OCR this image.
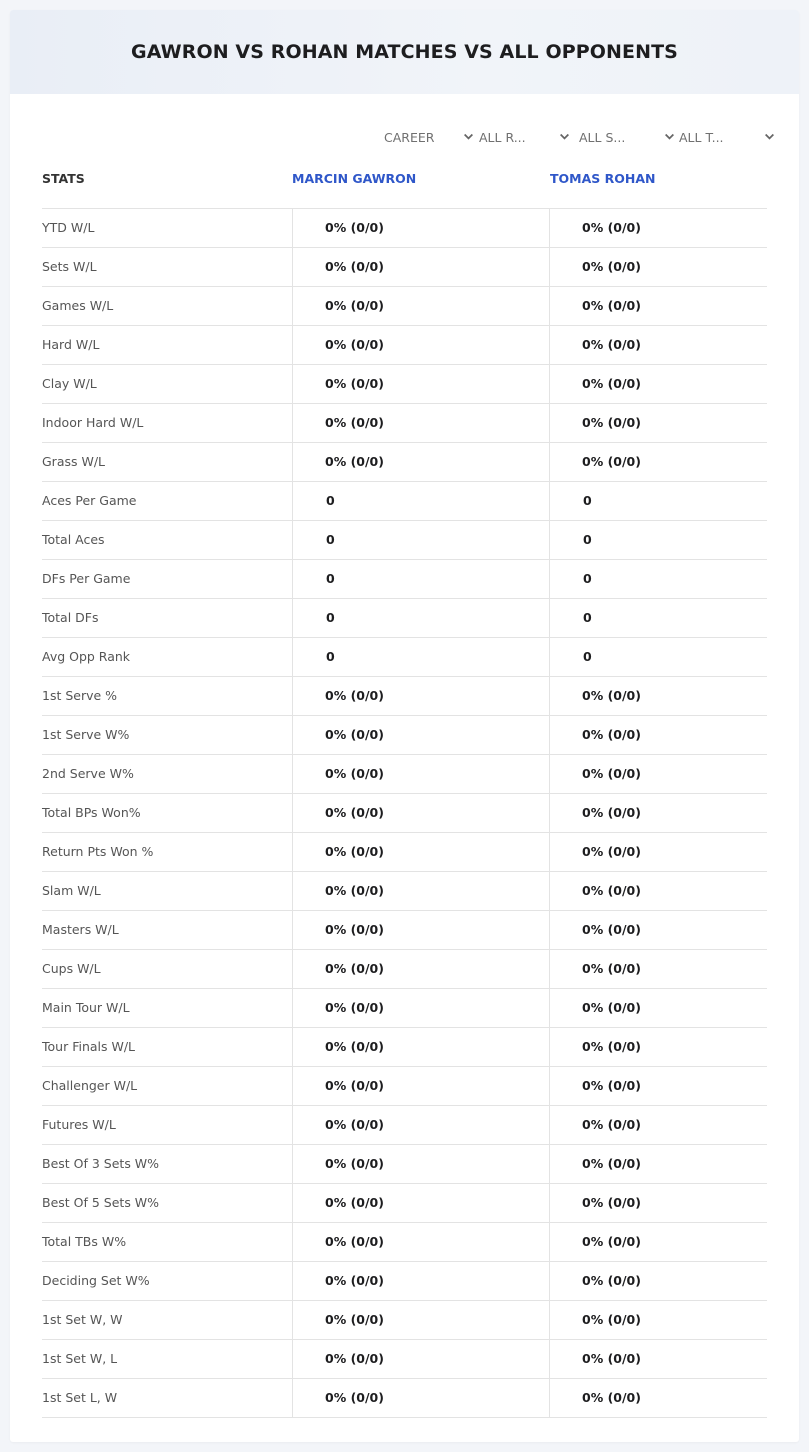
GAWRON VS ROHAN MATCHES VS ALL OPPONENTS
CAREER	ALL R...	ALL S...	ALL T...
STATS	MARCIN GAWRON	TOMAS ROHAN
YTD W/L	0% (0/0)	0% (0/0)
Sets W/L	0% (0/0)	0% (0/0)
Games W/L	0% (0/0)	0% (0/0)
Hard W/L	0% (0/0)	0% (0/0)
Clay W/L	0% (0/0)	0% (0/0)
Indoor Hard W/L	0% (0/0)	0% (0/0)
Grass W/L	0% (0/0)	0% (0/0)
Aces Per Game	0	0
Total Aces	0	0
DFs Per Game	0	0
Total DFs	0	0
Avg Opp Rank	0	0
1st Serve %	0% (0/0)	0% (0/0)
1st Serve W%	0% (0/0)	0% (0/0)
2nd Serve W%	0% (0/0)	0% (0/0)
Total BPs Won%	0% (0/0)	0% (0/0)
Return Pts Won %	0% (0/0)	0% (0/0)
Slam W/L	0% (0/0)	0% (0/0)
Masters W/L	0% (0/0)	0% (0/0)
Cups W/L	0% (0/0)	0% (0/0)
Main Tour W/L	0% (0/0)	0% (0/0)
Tour Finals W/L	0% (0/0)	0% (0/0)
Challenger W/L	0% (0/0)	0% (0/0)
Futures W/L	0% (0/0)	0% (0/0)
Best Of 3 Sets W%	0% (0/0)	0% (0/0)
Best Of 5 Sets W%	0% (0/0)	0% (0/0)
Total TBs W%	0% (0/0)	0% (0/0)
Deciding Set W%	0% (0/0)	0% (0/0)
1st Set W, W	0% (0/0)	0% (0/0)
1st Set W, L	0% (0/0)	0% (0/0)
1st Set L, W	0% (0/0)	0% (0/0)
